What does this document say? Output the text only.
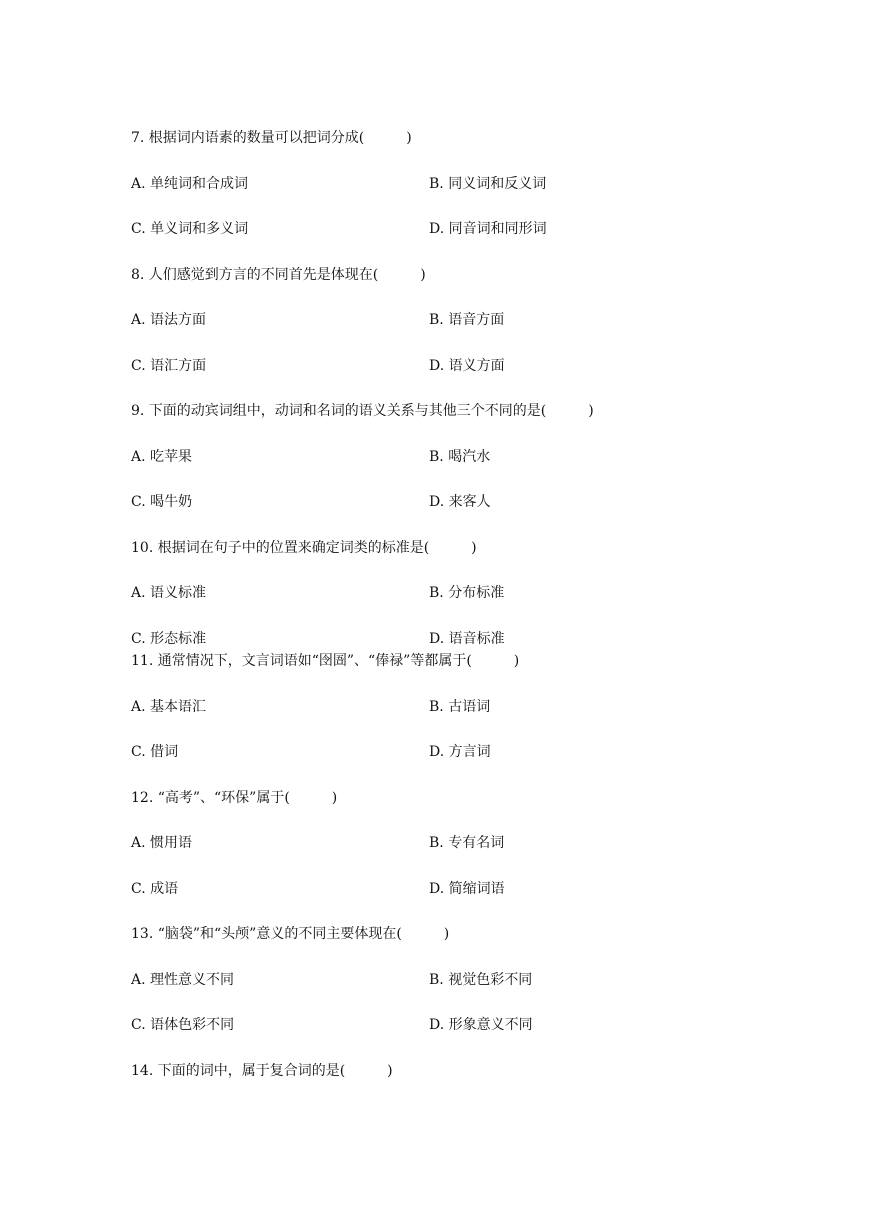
7. 根据词内语素的数量可以把词分成(　　　)
A. 单纯词和合成词	B. 同义词和反义词
C. 单义词和多义词	D. 同音词和同形词
8. 人们感觉到方言的不同首先是体现在(　　　)
A. 语法方面	B. 语音方面
C. 语汇方面	D. 语义方面
9. 下面的动宾词组中，动词和名词的语义关系与其他三个不同的是(　　　)
A. 吃苹果	B. 喝汽水
C. 喝牛奶	D. 来客人
10. 根据词在句子中的位置来确定词类的标准是(　　　)
A. 语义标准	B. 分布标准
C. 形态标准	D. 语音标准
11. 通常情况下，文言词语如“囹圄”、“俸禄”等都属于(　　　)
A. 基本语汇	B. 古语词
C. 借词	D. 方言词
12. “高考”、“环保”属于(　　　)
A. 惯用语	B. 专有名词
C. 成语	D. 简缩词语
13. “脑袋”和“头颅”意义的不同主要体现在(　　　)
A. 理性意义不同	B. 视觉色彩不同
C. 语体色彩不同	D. 形象意义不同
14. 下面的词中，属于复合词的是(　　　)
